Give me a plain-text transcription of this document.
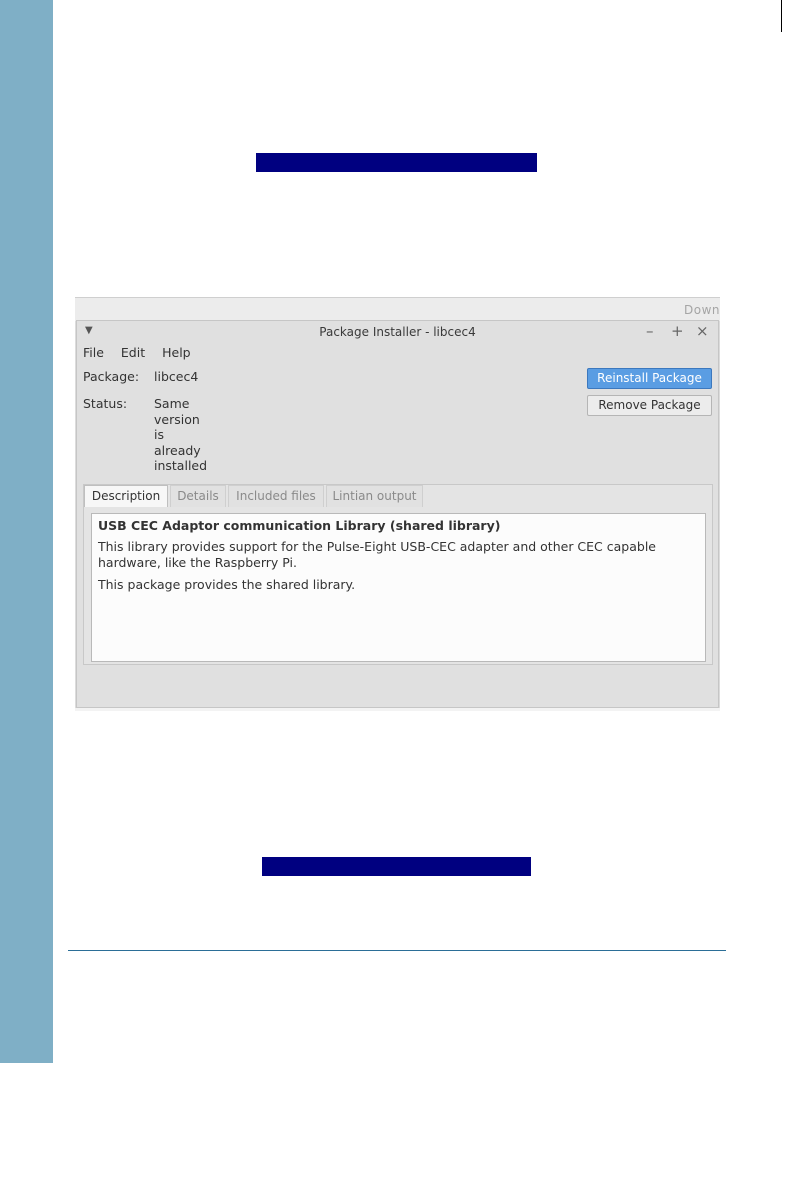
Down
▼	Package Installer - libcec4	– + ×
File Edit Help
Package: libcec4
Status: Same
version
is
already
installed
Reinstall Package
Remove Package
Description	Details	Included files	Lintian output
USB CEC Adaptor communication Library (shared library)
This library provides support for the Pulse-Eight USB-CEC adapter and other CEC capable hardware, like the Raspberry Pi.
This package provides the shared library.
